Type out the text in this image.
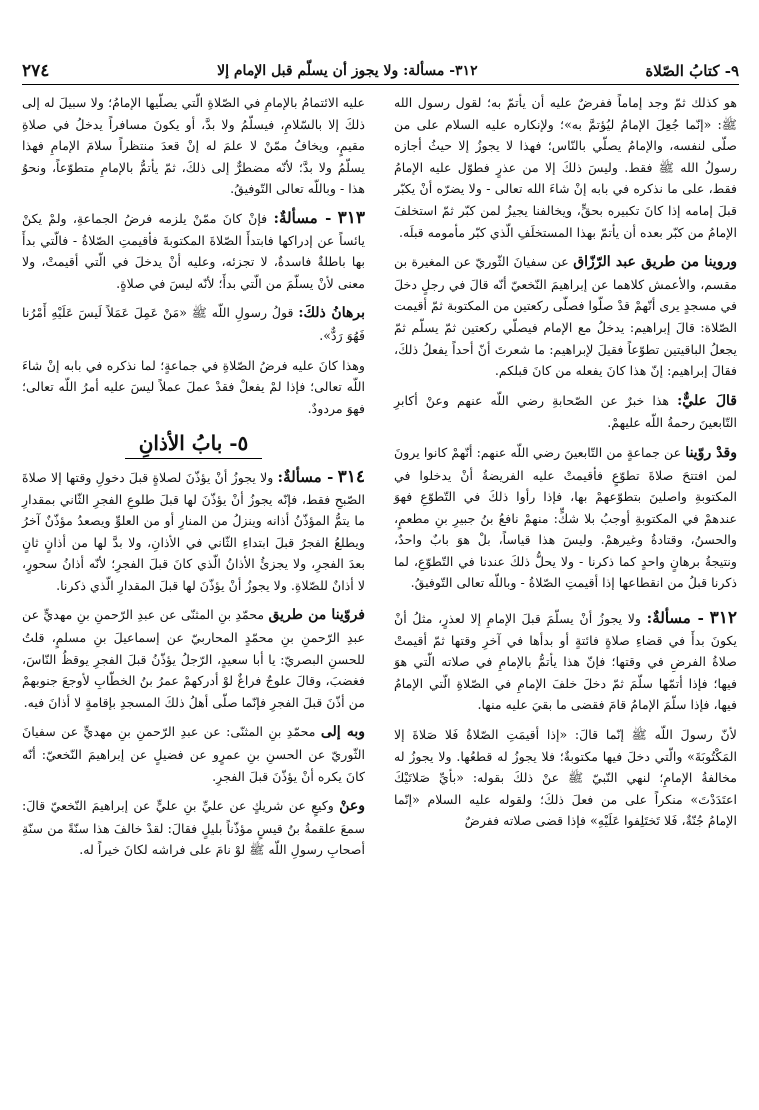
٩- كتابُ الصّلاة
٣١٢- مسألة: ولا يجوز أن يسلّم قبل الإمام إلا
٢٧٤

هو كذلك ثمّ وجد إماماً ففرضٌ عليه أن يأتمّ به؛ لقول رسول الله ﷺ: «إنّما جُعِلَ الإمامُ ليُؤتمَّ به»؛ ولإنكاره عليه السلام على من صلّى لنفسه، والإمامُ يصلّي بالنّاس؛ فهذا لا يجوزُ إلا حيثُ أجازه رسولُ الله ﷺ فقط. وليسَ ذلكَ إلا من عذرٍ فطوّل عليه الإمامُ فقط، على ما نذكره في بابه إنْ شاءَ الله تعالى - ولا يضرّه أنْ يكبّر قبلَ إمامه إذا كانَ تكبيره بحقٍّ، ويخالفنا يجيزُ لمن كبّر ثمّ استخلفَ الإمامُ من كبّر بعده أن يأتمّ بهذا المستخلَفِ الّذي كبّر مأمومه قبلَه.

وروينا من طريق عبد الرّزّاق عن سفيانَ الثّوريّ عن المغيرة بن مقسم، والأعمش كلاهما عن إبراهيمَ النّخعيّ أنّه قالَ في رجلٍ دخلَ في مسجدٍ يرى أنّهمْ قدْ صلّوا فصلّى ركعتين من المكتوبة ثمّ أقيمت الصّلاة: قالَ إبراهيم: يدخلُ مع الإمام فيصلّي ركعتين ثمّ يسلّم ثمّ يجعلُ الباقيتين تطوّعاً فقيلَ لإبراهيم: ما شعرتَ أنّ أحداً يفعلُ ذلكَ، فقالَ إبراهيم: إنّ هذا كانَ يفعله من كانَ قبلكم.

قالَ عليٌّ: هذا خبرٌ عن الصّحابةِ رضي اللّه عنهم وعنْ أكابرِ التّابعينَ رحمةُ اللّه عليهمْ.

وقدْ روّينا عن جماعةٍ من التّابعينَ رضي اللّه عنهم: أنّهمْ كانوا يرونَ لمن افتتحَ صلاةَ تطوّعٍ فأقيمتْ عليه الفريضةُ أنْ يدخلوا في المكتوبةِ واصلينَ بتطوّعهمْ بها، فإذا رأوا ذلكَ في التّطوّعِ فهوَ عندهمْ في المكتوبةِ أوجبُ بلا شكٍّ: منهمْ نافعُ بنُ جبيرِ بنِ مطعمٍ، والحسنُ، وقتادةُ وغيرهمْ. وليسَ هذا قياساً، بلْ هوَ بابٌ واحدٌ، ونتيجةُ برهانٍ واحدٍ كما ذكرنا - ولا يحلُّ ذلكَ عندنا في التّطوّعِ، لما ذكرنا قبلُ من انقطاعها إذا أقيمتِ الصّلاةُ - وباللّه تعالى التّوفيقُ.

٣١٢ - مسألةٌ: ولا يجوزُ أنْ يسلّمَ قبلَ الإمامِ إلا لعذرٍ، مثلُ أنْ يكونَ بدأَ في قضاءِ صلاةٍ فائتةٍ أو بدأها في آخرِ وقتها ثمّ أقيمتْ صلاةُ الفرضِ في وقتها؛ فإنّ هذا يأتمُّ بالإمامِ في صلاته الّتي هوَ فيها؛ فإذا أتمّها سلّمَ ثمّ دخلَ خلفَ الإمامِ في الصّلاةِ الّتي الإمامُ فيها، فإذا سلّمَ الإمامُ قامَ فقضى ما بقيَ عليه منها.

لأنّ رسولَ اللّه ﷺ إنّما قالَ: «إذا أقيمَتِ الصّلاةُ فَلا صَلاةَ إلا المَكْتُوبَةَ» والّتي دخلَ فيها مكتوبةٌ؛ فلا يجوزُ له قطعُها. ولا يجوزُ له مخالفةُ الإمامِ؛ لنهي النّبيّ ﷺ عنْ ذلكَ بقوله: «بأيِّ صَلاتَيْكَ اعتَدَدْتَ» منكراً على من فعلَ ذلكَ؛ ولقوله عليه السلام «إنّما الإمامُ جُنّةٌ، فَلا تَختَلِفوا عَلَيْهِ» فإذا قضى صلاته ففرضٌ

عليه الائتمامُ بالإمامِ في الصّلاةِ الّتي يصلّيها الإمامُ؛ ولا سبيلَ له إلى ذلكَ إلا بالسّلامِ، فيسلّمُ ولا بدَّ، أو يكونَ مسافراً يدخلُ في صلاةِ مقيمٍ، ويخافُ ممّنْ لا علمَ له إنْ قعدَ منتظراً سلامَ الإمامِ فهذا يسلّمُ ولا بدَّ؛ لأنّه مضطرٌّ إلى ذلكَ، ثمّ يأتمُّ بالإمامِ متطوّعاً، ونحوُ هذا - وباللّه تعالى التّوفيقُ.

٣١٣ - مسألةٌ: فإنْ كانَ ممّنْ يلزمه فرضُ الجماعةِ، ولمْ يكنْ يائساً عن إدراكها فابتدأَ الصّلاةَ المكتوبةَ فأقيمتِ الصّلاةُ - فالّتي بدأَ بها باطلةٌ فاسدةٌ، لا تجزئه، وعليه أنْ يدخلَ في الّتي أقيمتْ، ولا معنى لأنْ يسلّمَ من الّتي بدأَ؛ لأنّه ليسَ في صلاةٍ.

برهانُ ذلكَ: قولُ رسولِ اللّه ﷺ «مَنْ عَمِلَ عَمَلاً لَيسَ عَلَيْهِ أَمْرُنا فَهُوَ رَدٌّ».

وهذا كانَ عليه فرضُ الصّلاةِ في جماعةٍ؛ لما نذكره في بابه إنْ شاءَ اللّه تعالى؛ فإذا لمْ يفعلْ فقدْ عملَ عملاً ليسَ عليه أمرُ اللّه تعالى؛ فهوَ مردودٌ.

٥- بابُ الأذانِ

٣١٤ - مسألةٌ: ولا يجوزُ أنْ يؤذّنَ لصلاةٍ قبلَ دخولِ وقتها إلا صلاةَ الصّبحِ فقط، فإنّه يجوزُ أنْ يؤذّنَ لها قبلَ طلوعِ الفجرِ الثّاني بمقدارِ ما يتمُّ المؤذّنُ أذانه وينزلُ من المنارِ أو من العلوِّ ويصعدُ مؤذّنٌ آخرُ ويطلعُ الفجرُ قبلَ ابتداءِ الثّاني في الأذانِ، ولا بدَّ لها من أذانٍ ثانٍ بعدَ الفجرِ، ولا يجزئُ الأذانُ الّذي كانَ قبلَ الفجرِ؛ لأنّه أذانُ سحورٍ، لا أذانٌ للصّلاةِ. ولا يجوزُ أنْ يؤذّنَ لها قبلَ المقدارِ الّذي ذكرنا.

فروّينا من طريق محمّدِ بنِ المثنّى عن عبدِ الرّحمنِ بنِ مهديٍّ عن عبدِ الرّحمنِ بنِ محمّدٍ المحاربيّ عن إسماعيلَ بنِ مسلمٍ، قلتُ للحسنِ البصريّ: يا أبا سعيدٍ، الرّجلُ يؤذّنُ قبلَ الفجرِ يوقظُ النّاسَ، فغضبَ، وقالَ علوجٌ فراغٌ لوْ أدركهمْ عمرُ بنُ الخطّابِ لأوجعَ جنوبهمْ من أذّنَ قبلَ الفجرِ فإنّما صلّى أهلُ ذلكَ المسجدِ بإقامةٍ لا أذانَ فيه.

وبه إلى محمّدِ بنِ المثنّى: عن عبدِ الرّحمنِ بنِ مهديٍّ عن سفيانَ الثّوريّ عن الحسنِ بنِ عمرٍو عن فضيلٍ عن إبراهيمَ النّخعيّ: أنّه كانَ يكره أنْ يؤذّنَ قبلَ الفجرِ.

وعنْ وكيعٍ عن شريكٍ عن عليِّ بنِ عليٍّ عن إبراهيمَ النّخعيّ قالَ: سمعَ علقمةُ بنُ قيسٍ مؤذّناً بليلٍ فقالَ: لقدْ خالفَ هذا سنّةً من سنّةِ أصحابِ رسولِ اللّه ﷺ لوْ نامَ على فراشه لكانَ خيراً له.
